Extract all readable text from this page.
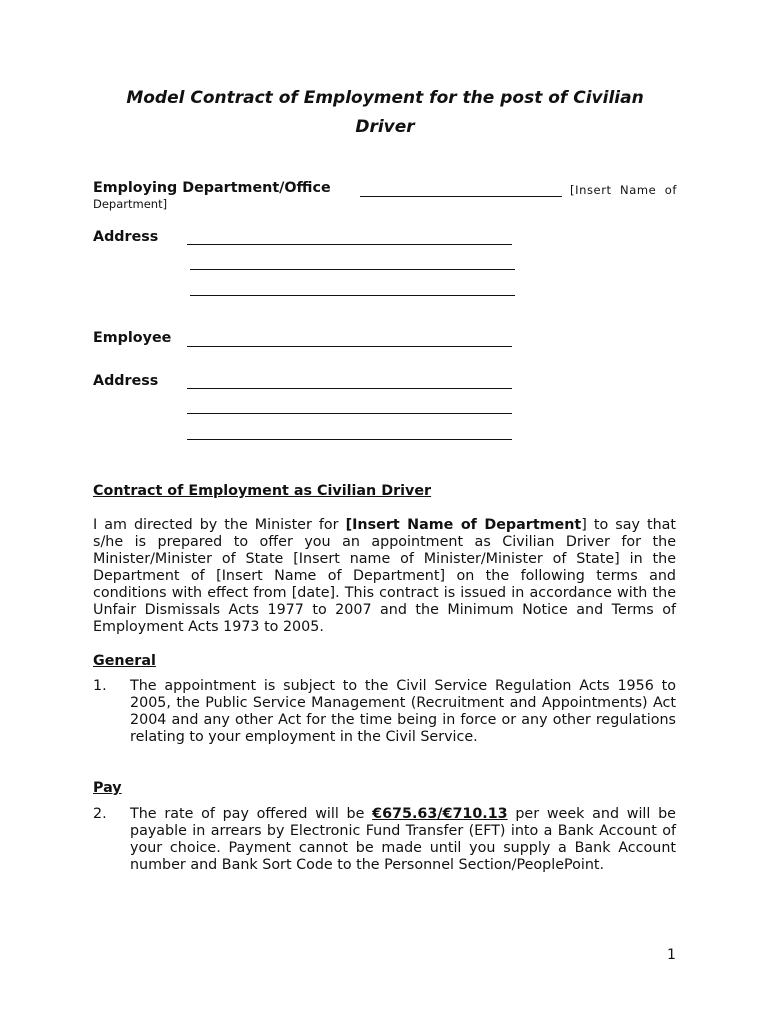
Model Contract of Employment for the post of Civilian
Driver
Employing Department/Office	[Insert Name of
Department]
Address
Employee
Address
Contract of Employment as Civilian Driver
I am directed by the Minister for [Insert Name of Department] to say that s/he is prepared to offer you an appointment as Civilian Driver for the Minister/Minister of State [Insert name of Minister/Minister of State] in the Department of [Insert Name of Department] on the following terms and conditions with effect from [date]. This contract is issued in accordance with the Unfair Dismissals Acts 1977 to 2007 and the Minimum Notice and Terms of Employment Acts 1973 to 2005.
General
1. The appointment is subject to the Civil Service Regulation Acts 1956 to 2005, the Public Service Management (Recruitment and Appointments) Act 2004 and any other Act for the time being in force or any other regulations relating to your employment in the Civil Service.
Pay
2. The rate of pay offered will be €675.63/€710.13 per week and will be payable in arrears by Electronic Fund Transfer (EFT) into a Bank Account of your choice. Payment cannot be made until you supply a Bank Account number and Bank Sort Code to the Personnel Section/PeoplePoint.
1
